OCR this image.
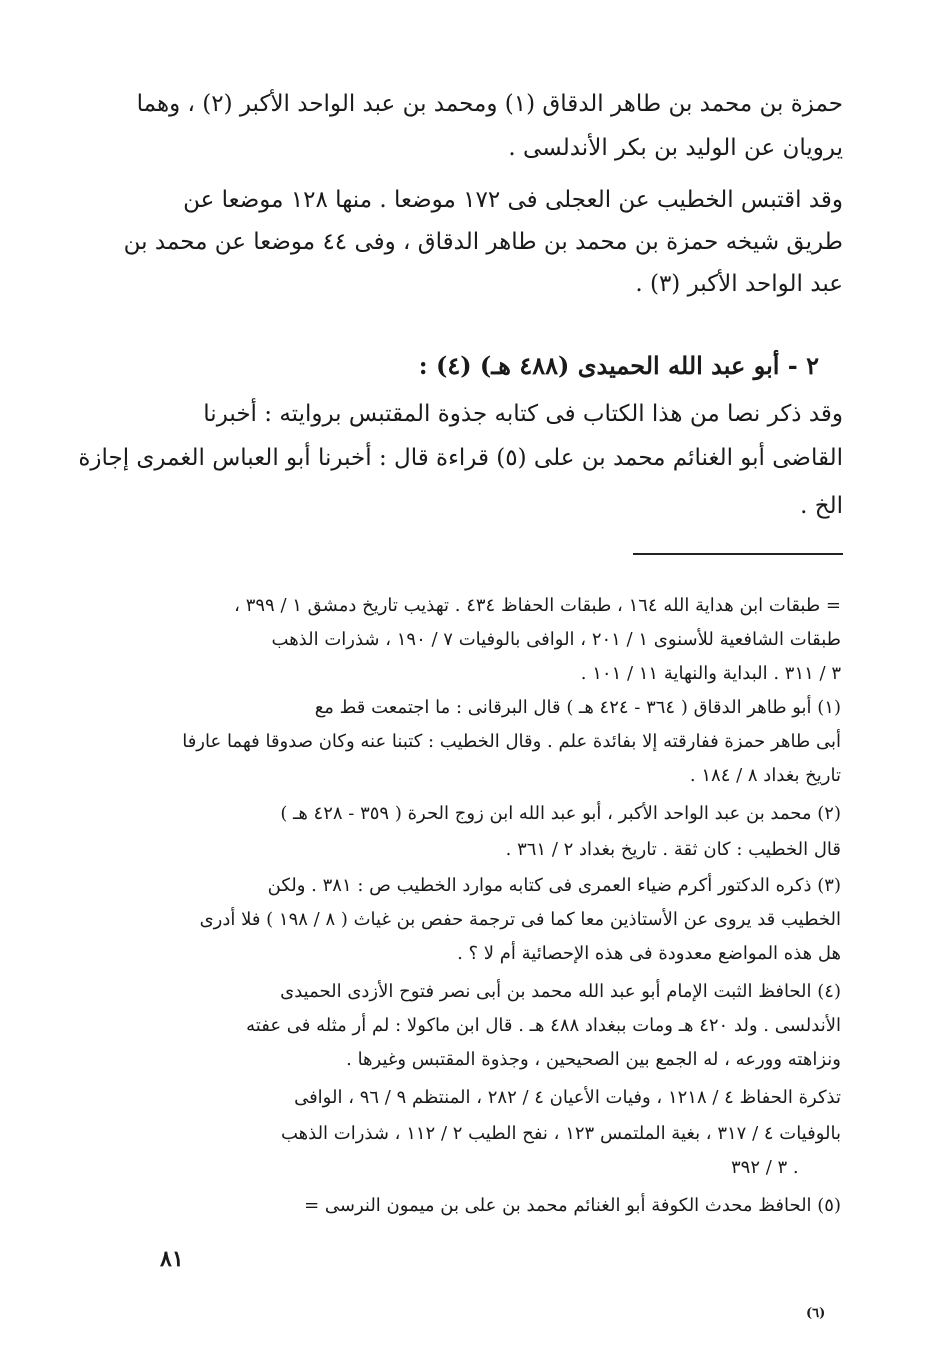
حمزة بن محمد بن طاهر الدقاق (١) ومحمد بن عبد الواحد الأكبر (٢) ، وهما
يرويان عن الوليد بن بكر الأندلسى .
وقد اقتبس الخطيب عن العجلى فى ١٧٢ موضعا . منها ١٢٨ موضعا عن
طريق شيخه حمزة بن محمد بن طاهر الدقاق ، وفى ٤٤ موضعا عن محمد بن
عبد الواحد الأكبر (٣) .
٢ - أبو عبد الله الحميدى (٤٨٨ هـ) (٤) :
وقد ذكر نصا من هذا الكتاب فى كتابه جذوة المقتبس بروايته : أخبرنا
القاضى أبو الغنائم محمد بن على (٥) قراءة قال : أخبرنا أبو العباس الغمرى إجازة
الخ .
= طبقات ابن هداية الله ١٦٤ ، طبقات الحفاظ ٤٣٤ . تهذيب تاريخ دمشق ١ / ٣٩٩ ،
طبقات الشافعية للأسنوى ١ / ٢٠١ ، الوافى بالوفيات ٧ / ١٩٠ ، شذرات الذهب
٣ / ٣١١ . البداية والنهاية ١١ / ١٠١ .
(١) أبو طاهر الدقاق ( ٣٦٤ - ٤٢٤ هـ ) قال البرقانى : ما اجتمعت قط مع
أبى طاهر حمزة ففارقته إلا بفائدة علم . وقال الخطيب : كتبنا عنه وكان صدوقا فهما عارفا
تاريخ بغداد ٨ / ١٨٤ .
(٢) محمد بن عبد الواحد الأكبر ، أبو عبد الله ابن زوج الحرة ( ٣٥٩ - ٤٢٨ هـ )
قال الخطيب : كان ثقة . تاريخ بغداد ٢ / ٣٦١ .
(٣) ذكره الدكتور أكرم ضياء العمرى فى كتابه موارد الخطيب ص : ٣٨١ . ولكن
الخطيب قد يروى عن الأستاذين معا كما فى ترجمة حفص بن غياث ( ٨ / ١٩٨ ) فلا أدرى
هل هذه المواضع معدودة فى هذه الإحصائية أم لا ؟ .
(٤) الحافظ الثبت الإمام أبو عبد الله محمد بن أبى نصر فتوح الأزدى الحميدى
الأندلسى . ولد ٤٢٠ هـ ومات ببغداد ٤٨٨ هـ . قال ابن ماكولا : لم أر مثله فى عفته
ونزاهته وورعه ، له الجمع بين الصحيحين ، وجذوة المقتبس وغيرها .
تذكرة الحفاظ ٤ / ١٢١٨ ، وفيات الأعيان ٤ / ٢٨٢ ، المنتظم ٩ / ٩٦ ، الوافى
بالوفيات ٤ / ٣١٧ ، بغية الملتمس ١٢٣ ، نفح الطيب ٢ / ١١٢ ، شذرات الذهب
٣ / ٣٩٢ .
(٥) الحافظ محدث الكوفة أبو الغنائم محمد بن على بن ميمون النرسى =
٨١
(٦)
